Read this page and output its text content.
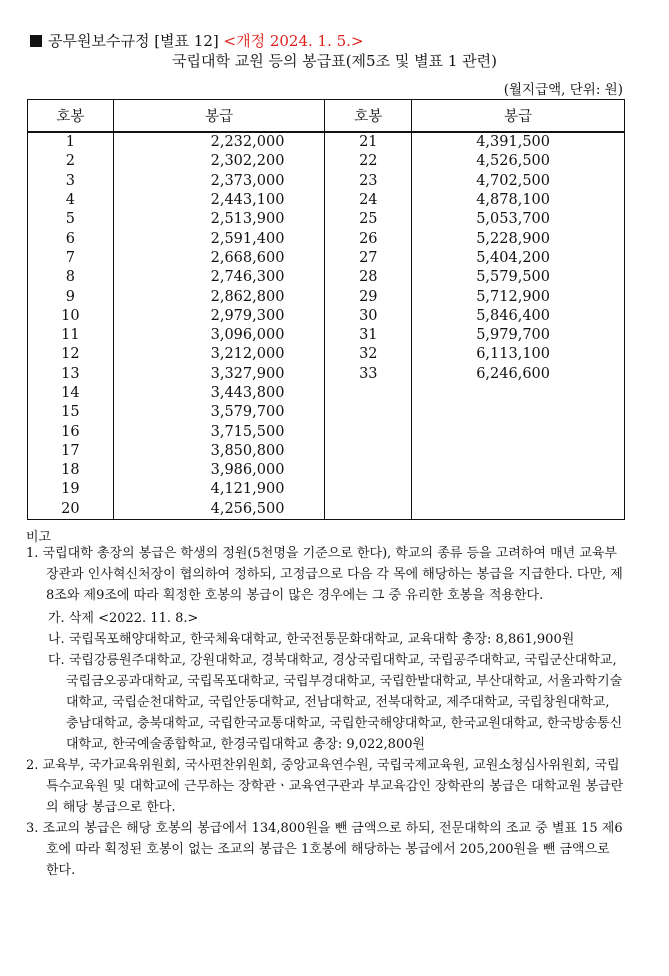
공무원보수규정 [별표 12] <개정 2024. 1. 5.>
국립대학 교원 등의 봉급표(제5조 및 별표 1 관련)
(월지급액, 단위: 원)
호봉	봉급	호봉	봉급
1	2,232,000	21	4,391,500
2	2,302,200	22	4,526,500
3	2,373,000	23	4,702,500
4	2,443,100	24	4,878,100
5	2,513,900	25	5,053,700
6	2,591,400	26	5,228,900
7	2,668,600	27	5,404,200
8	2,746,300	28	5,579,500
9	2,862,800	29	5,712,900
10	2,979,300	30	5,846,400
11	3,096,000	31	5,979,700
12	3,212,000	32	6,113,100
13	3,327,900	33	6,246,600
14	3,443,800		
15	3,579,700		
16	3,715,500		
17	3,850,800		
18	3,986,000		
19	4,121,900		
20	4,256,500		
비고

1. 국립대학 총장의 봉급은 학생의 정원(5천명을 기준으로 한다), 학교의 종류 등을 고려하여 매년 교육부장관과 인사혁신처장이 협의하여 정하되, 고정급으로 다음 각 목에 해당하는 봉급을 지급한다. 다만, 제8조와 제9조에 따라 획정한 호봉의 봉급이 많은 경우에는 그 중 유리한 호봉을 적용한다.

가. 삭제 <2022. 11. 8.>

나. 국립목포해양대학교, 한국체육대학교, 한국전통문화대학교, 교육대학 총장: 8,861,900원

다. 국립강릉원주대학교, 강원대학교, 경북대학교, 경상국립대학교, 국립공주대학교, 국립군산대학교, 국립금오공과대학교, 국립목포대학교, 국립부경대학교, 국립한밭대학교, 부산대학교, 서울과학기술대학교, 국립순천대학교, 국립안동대학교, 전남대학교, 전북대학교, 제주대학교, 국립창원대학교, 충남대학교, 충북대학교, 국립한국교통대학교, 국립한국해양대학교, 한국교원대학교, 한국방송통신대학교, 한국예술종합학교, 한경국립대학교 총장: 9,022,800원

2. 교육부, 국가교육위원회, 국사편찬위원회, 중앙교육연수원, 국립국제교육원, 교원소청심사위원회, 국립특수교육원 및 대학교에 근무하는 장학관ㆍ교육연구관과 부교육감인 장학관의 봉급은 대학교원 봉급란의 해당 봉급으로 한다.

3. 조교의 봉급은 해당 호봉의 봉급에서 134,800원을 뺀 금액으로 하되, 전문대학의 조교 중 별표 15 제6호에 따라 획정된 호봉이 없는 조교의 봉급은 1호봉에 해당하는 봉급에서 205,200원을 뺀 금액으로 한다.
